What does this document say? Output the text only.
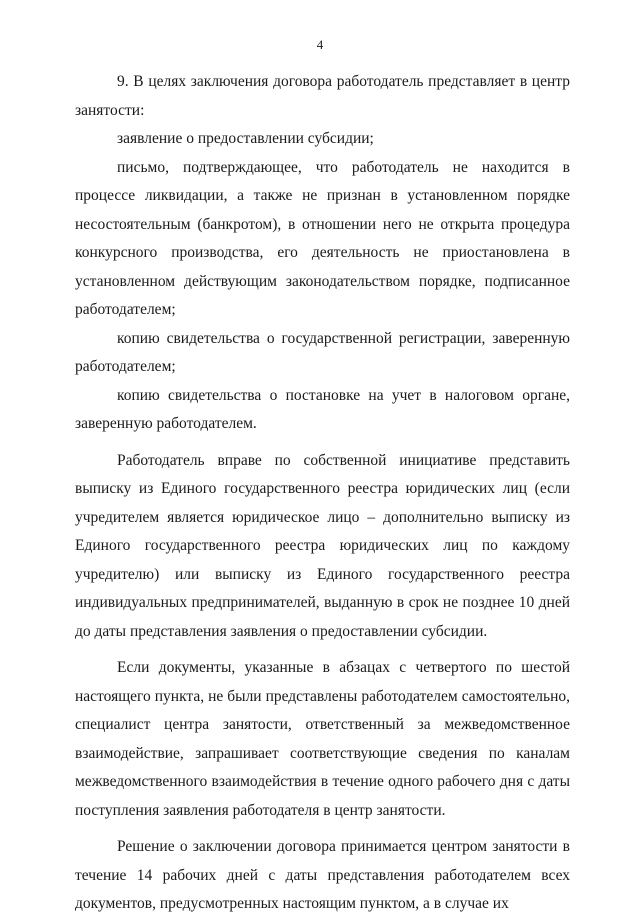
4

9. В целях заключения договора работодатель представляет в центр занятости:

заявление о предоставлении субсидии;

письмо, подтверждающее, что работодатель не находится в процессе ликвидации, а также не признан в установленном порядке несостоятельным (банкротом), в отношении него не открыта процедура конкурсного производства, его деятельность не приостановлена в установленном действующим законодательством порядке, подписанное работодателем;

копию свидетельства о государственной регистрации, заверенную работодателем;

копию свидетельства о постановке на учет в налоговом органе, заверенную работодателем.

Работодатель вправе по собственной инициативе представить выписку из Единого государственного реестра юридических лиц (если учредителем является юридическое лицо – дополнительно выписку из Единого государственного реестра юридических лиц по каждому учредителю) или выписку из Единого государственного реестра индивидуальных предпринимателей, выданную в срок не позднее 10 дней до даты представления заявления о предоставлении субсидии.

Если документы, указанные в абзацах с четвертого по шестой настоящего пункта, не были представлены работодателем самостоятельно, специалист центра занятости, ответственный за межведомственное взаимодействие, запрашивает соответствующие сведения по каналам межведомственного взаимодействия в течение одного рабочего дня с даты поступления заявления работодателя в центр занятости.

Решение о заключении договора принимается центром занятости в течение 14 рабочих дней с даты представления работодателем всех документов, предусмотренных настоящим пунктом, а в случае их
